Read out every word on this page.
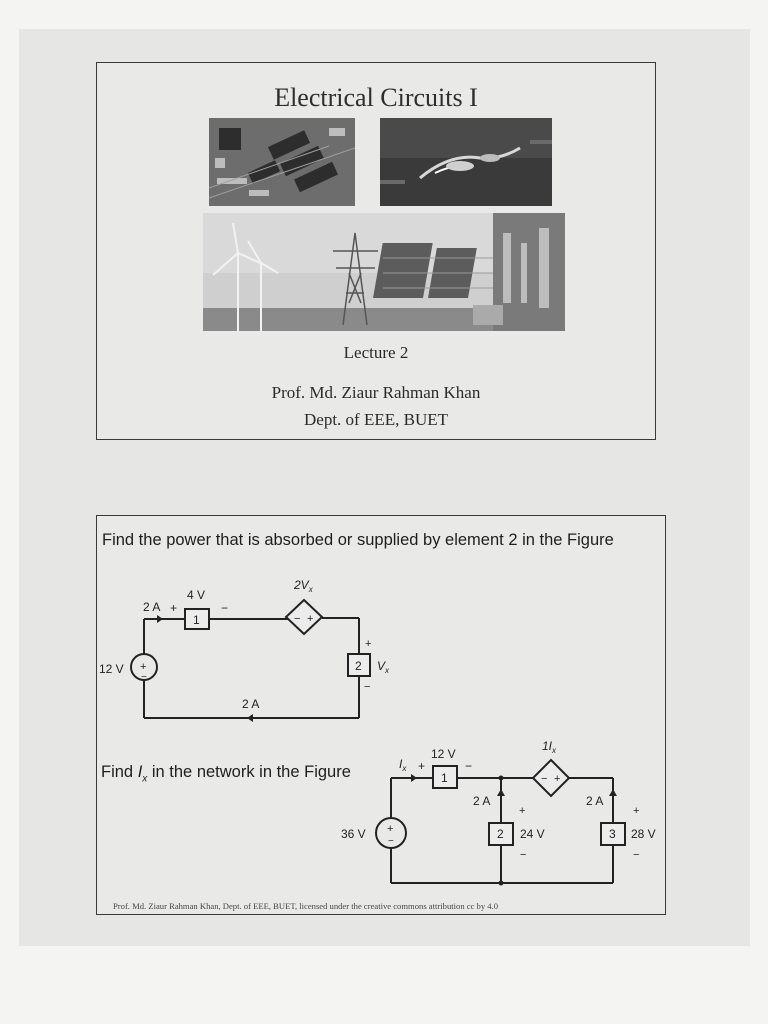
Electrical Circuits I
Lecture 2
Prof. Md. Ziaur Rahman Khan
Dept. of EEE, BUET
Find the power that is absorbed or supplied by element 2 in the Figure
12 V +
−
2 A +	−
4 V
1
$2V_x$
− +
+
2 $V_x$
−
2 A
Find $I_x$ in the network in the Figure
36 V +
−
$I_x$ +	−
12 V
1
$1I_x$
− +
2 A
+
2 24 V
−
2 A
+
3 28 V
−
Prof. Md. Ziaur Rahman Khan, Dept. of EEE, BUET, licensed under the creative commons attribution cc by 4.0
